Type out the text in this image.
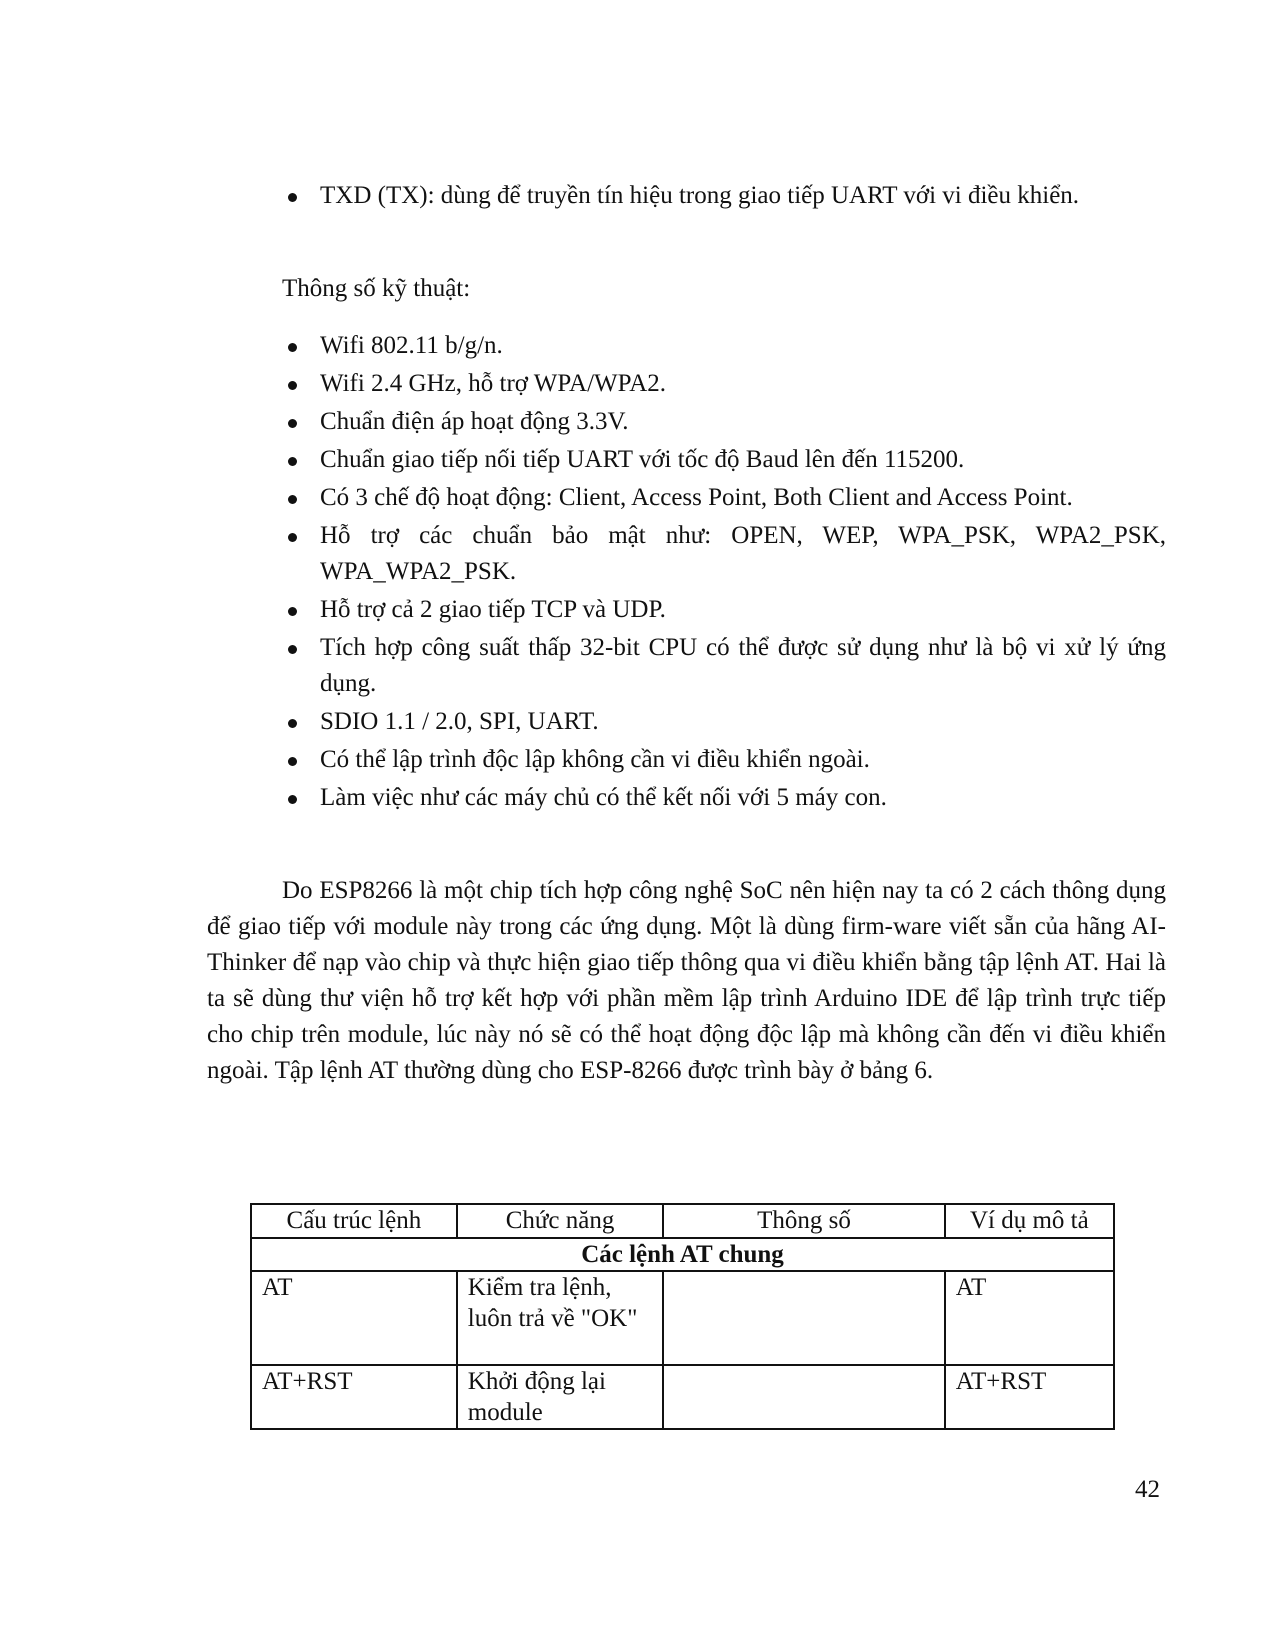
TXD (TX): dùng để truyền tín hiệu trong giao tiếp UART với vi điều khiển.
Thông số kỹ thuật:
Wifi 802.11 b/g/n.
Wifi 2.4 GHz, hỗ trợ WPA/WPA2.
Chuẩn điện áp hoạt động 3.3V.
Chuẩn giao tiếp nối tiếp UART với tốc độ Baud lên đến 115200.
Có 3 chế độ hoạt động: Client, Access Point, Both Client and Access Point.
Hỗ trợ các chuẩn bảo mật như: OPEN, WEP, WPA_PSK, WPA2_PSK, WPA_WPA2_PSK.
Hỗ trợ cả 2 giao tiếp TCP và UDP.
Tích hợp công suất thấp 32-bit CPU có thể được sử dụng như là bộ vi xử lý ứng dụng.
SDIO 1.1 / 2.0, SPI, UART.
Có thể lập trình độc lập không cần vi điều khiển ngoài.
Làm việc như các máy chủ có thể kết nối với 5 máy con.

Do ESP8266 là một chip tích hợp công nghệ SoC nên hiện nay ta có 2 cách thông dụng để giao tiếp với module này trong các ứng dụng. Một là dùng firm-ware viết sẵn của hãng AI-Thinker để nạp vào chip và thực hiện giao tiếp thông qua vi điều khiển bằng tập lệnh AT. Hai là ta sẽ dùng thư viện hỗ trợ kết hợp với phần mềm lập trình Arduino IDE để lập trình trực tiếp cho chip trên module, lúc này nó sẽ có thể hoạt động độc lập mà không cần đến vi điều khiển ngoài. Tập lệnh AT thường dùng cho ESP-8266 được trình bày ở bảng 6.

Cấu trúc lệnh	Chức năng	Thông số	Ví dụ mô tả
Các lệnh AT chung			
AT	Kiểm tra lệnh, luôn trả về "OK"		AT
AT+RST	Khởi động lại module		AT+RST
42
